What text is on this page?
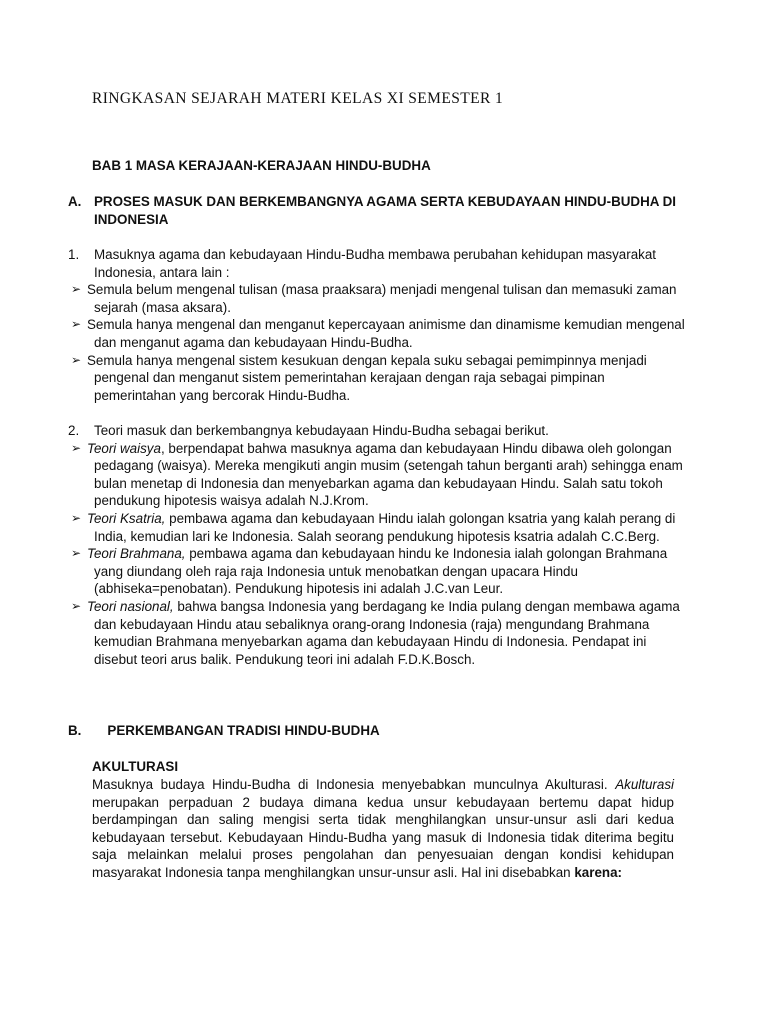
RINGKASAN SEJARAH MATERI KELAS XI SEMESTER 1
BAB 1 MASA KERAJAAN-KERAJAAN HINDU-BUDHA
A. PROSES MASUK DAN BERKEMBANGNYA AGAMA SERTA KEBUDAYAAN HINDU-BUDHA DI INDONESIA
1. Masuknya agama dan kebudayaan Hindu-Budha membawa perubahan kehidupan masyarakat Indonesia, antara lain :
➢ Semula belum mengenal tulisan (masa praaksara) menjadi mengenal tulisan dan memasuki zaman sejarah (masa aksara).
➢ Semula hanya mengenal dan menganut kepercayaan animisme dan dinamisme kemudian mengenal dan menganut agama dan kebudayaan Hindu-Budha.
➢ Semula hanya mengenal sistem kesukuan dengan kepala suku sebagai pemimpinnya menjadi pengenal dan menganut sistem pemerintahan kerajaan dengan raja sebagai pimpinan pemerintahan yang bercorak Hindu-Budha.
2. Teori masuk dan berkembangnya kebudayaan Hindu-Budha sebagai berikut.
➢ Teori waisya, berpendapat bahwa masuknya agama dan kebudayaan Hindu dibawa oleh golongan pedagang (waisya). Mereka mengikuti angin musim (setengah tahun berganti arah) sehingga enam bulan menetap di Indonesia dan menyebarkan agama dan kebudayaan Hindu. Salah satu tokoh pendukung hipotesis waisya adalah N.J.Krom.
➢ Teori Ksatria, pembawa agama dan kebudayaan Hindu ialah golongan ksatria yang kalah perang di India, kemudian lari ke Indonesia. Salah seorang pendukung hipotesis ksatria adalah C.C.Berg.
➢ Teori Brahmana, pembawa agama dan kebudayaan hindu ke Indonesia ialah golongan Brahmana yang diundang oleh raja raja Indonesia untuk menobatkan dengan upacara Hindu (abhiseka=penobatan). Pendukung hipotesis ini adalah J.C.van Leur.
➢ Teori nasional, bahwa bangsa Indonesia yang berdagang ke India pulang dengan membawa agama dan kebudayaan Hindu atau sebaliknya orang-orang Indonesia (raja) mengundang Brahmana kemudian Brahmana menyebarkan agama dan kebudayaan Hindu di Indonesia. Pendapat ini disebut teori arus balik. Pendukung teori ini adalah F.D.K.Bosch.
B. PERKEMBANGAN TRADISI HINDU-BUDHA
AKULTURASI
Masuknya budaya Hindu-Budha di Indonesia menyebabkan munculnya Akulturasi. Akulturasi merupakan perpaduan 2 budaya dimana kedua unsur kebudayaan bertemu dapat hidup berdampingan dan saling mengisi serta tidak menghilangkan unsur-unsur asli dari kedua kebudayaan tersebut. Kebudayaan Hindu-Budha yang masuk di Indonesia tidak diterima begitu saja melainkan melalui proses pengolahan dan penyesuaian dengan kondisi kehidupan masyarakat Indonesia tanpa menghilangkan unsur-unsur asli. Hal ini disebabkan karena:
